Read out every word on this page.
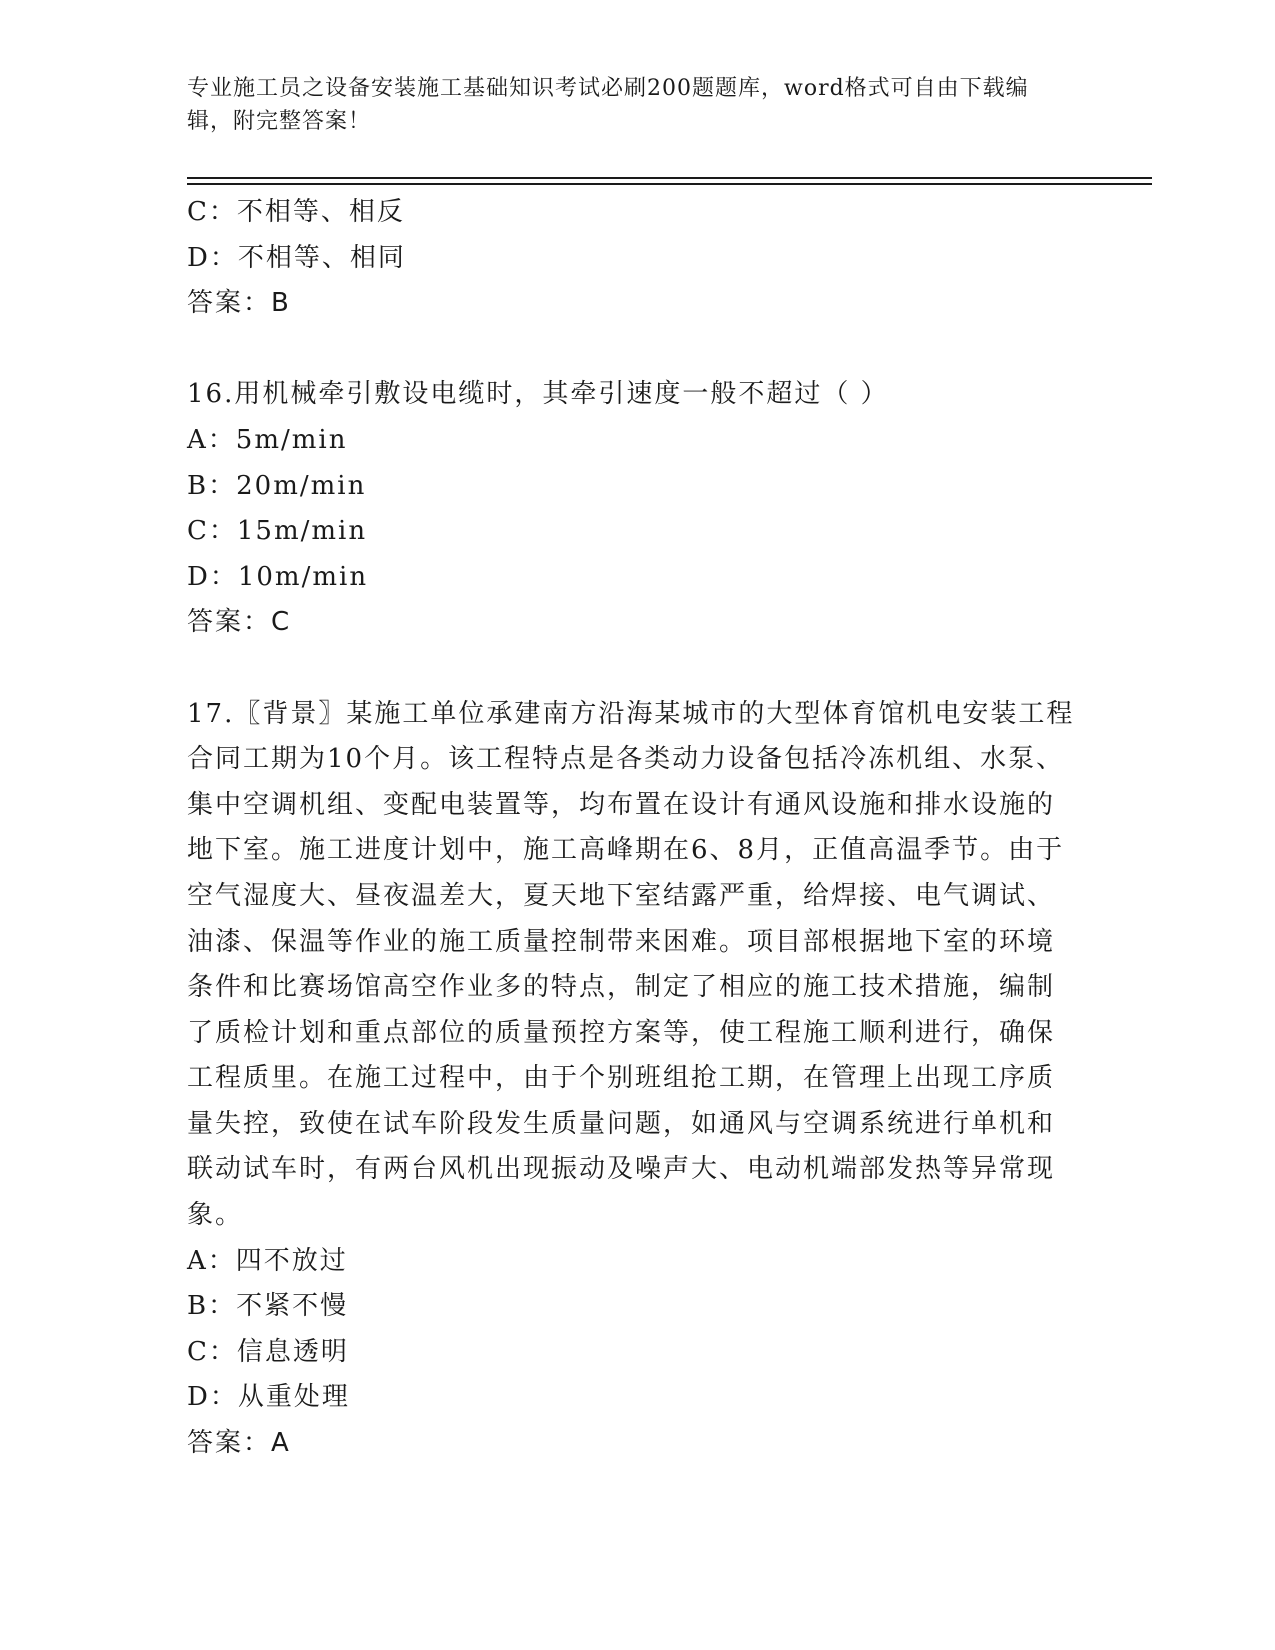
专业施工员之设备安装施工基础知识考试必刷200题题库，word格式可自由下载编辑，附完整答案！
C：不相等、相反
D：不相等、相同
答案：B
16.用机械牵引敷设电缆时，其牵引速度一般不超过（ ）
A：5m/min
B：20m/min
C：15m/min
D：10m/min
答案：C
17.〖背景〗某施工单位承建南方沿海某城市的大型体育馆机电安装工程合同工期为10个月。该工程特点是各类动力设备包括冷冻机组、水泵、集中空调机组、变配电装置等，均布置在设计有通风设施和排水设施的地下室。施工进度计划中，施工高峰期在6、8月，正值高温季节。由于空气湿度大、昼夜温差大，夏天地下室结露严重，给焊接、电气调试、油漆、保温等作业的施工质量控制带来困难。项目部根据地下室的环境条件和比赛场馆高空作业多的特点，制定了相应的施工技术措施，编制了质检计划和重点部位的质量预控方案等，使工程施工顺利进行，确保工程质里。在施工过程中，由于个别班组抢工期，在管理上出现工序质量失控，致使在试车阶段发生质量问题，如通风与空调系统进行单机和联动试车时，有两台风机出现振动及噪声大、电动机端部发热等异常现象。
A：四不放过
B：不紧不慢
C：信息透明
D：从重处理
答案：A
